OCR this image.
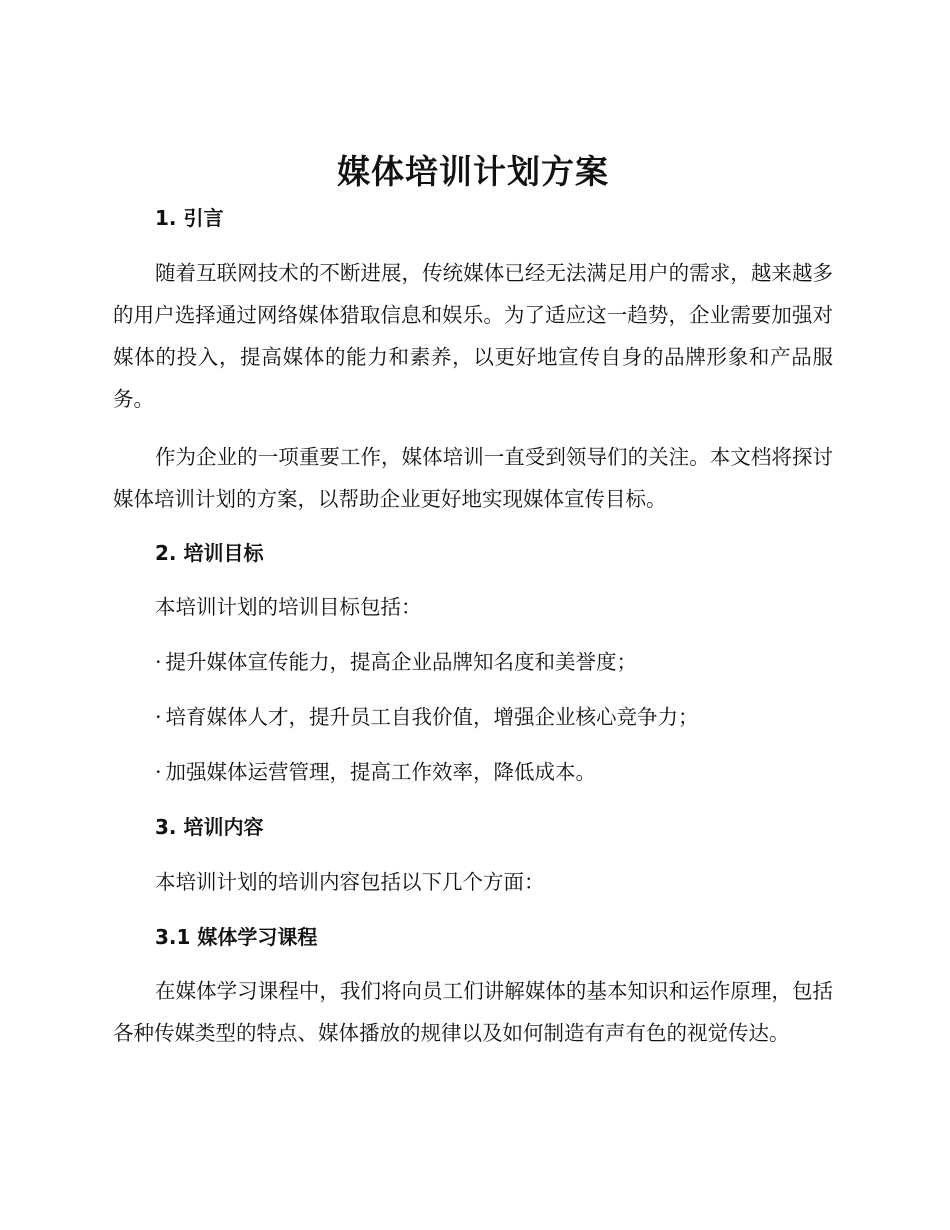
媒体培训计划方案
1. 引言

随着互联网技术的不断进展，传统媒体已经无法满足用户的需求，越来越多的用户选择通过网络媒体猎取信息和娱乐。为了适应这一趋势，企业需要加强对媒体的投入，提高媒体的能力和素养，以更好地宣传自身的品牌形象和产品服务。

作为企业的一项重要工作，媒体培训一直受到领导们的关注。本文档将探讨媒体培训计划的方案，以帮助企业更好地实现媒体宣传目标。

2. 培训目标

本培训计划的培训目标包括：

· 提升媒体宣传能力，提高企业品牌知名度和美誉度；

· 培育媒体人才，提升员工自我价值，增强企业核心竞争力；

· 加强媒体运营管理，提高工作效率，降低成本。

3. 培训内容

本培训计划的培训内容包括以下几个方面：

3.1 媒体学习课程

在媒体学习课程中，我们将向员工们讲解媒体的基本知识和运作原理，包括各种传媒类型的特点、媒体播放的规律以及如何制造有声有色的视觉传达。
